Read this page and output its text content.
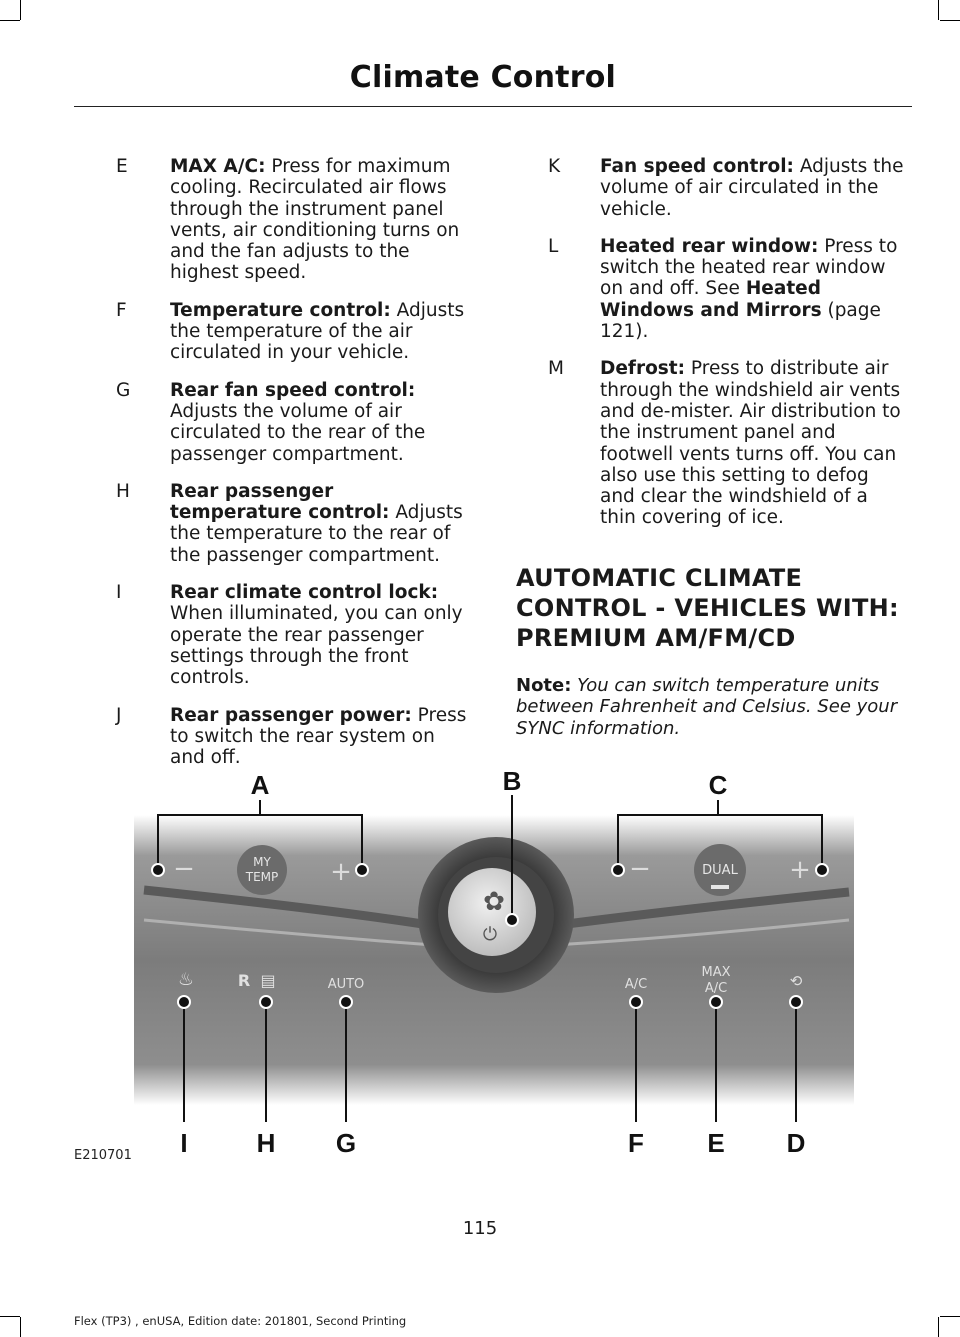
Climate Control
E MAX A/C: Press for maximum cooling. Recirculated air flows through the instrument panel vents, air conditioning turns on and the fan adjusts to the highest speed.
F Temperature control: Adjusts the temperature of the air circulated in your vehicle.
G Rear fan speed control: Adjusts the volume of air circulated to the rear of the passenger compartment.
H Rear passenger temperature control: Adjusts the temperature to the rear of the passenger compartment.
I	Rear climate control lock: When illuminated, you can only operate the rear passenger settings through the front controls.
J	Rear passenger power: Press to switch the rear system on and off.
K Fan speed control: Adjusts the volume of air circulated in the vehicle.
L Heated rear window: Press to switch the heated rear window on and off. See Heated Windows and Mirrors (page 121).
M Defrost: Press to distribute air through the windshield air vents and de-mister. Air distribution to the instrument panel and footwell vents turns off. You can also use this setting to defog and clear the windshield of a thin covering of ice.
AUTOMATIC CLIMATE
CONTROL - VEHICLES WITH:
PREMIUM AM/FM/CD
Note: You can switch temperature units between Fahrenheit and Celsius. See your SYNC information.
✿
⏻
−	MY
TEMP +	−	DUAL +
♨	R ▤	AUTO	A/C
MAX
A/C	⟲
A	B	C
I	H G	F E D
E210701
115
Flex (TP3) , enUSA, Edition date: 201801, Second Printing
